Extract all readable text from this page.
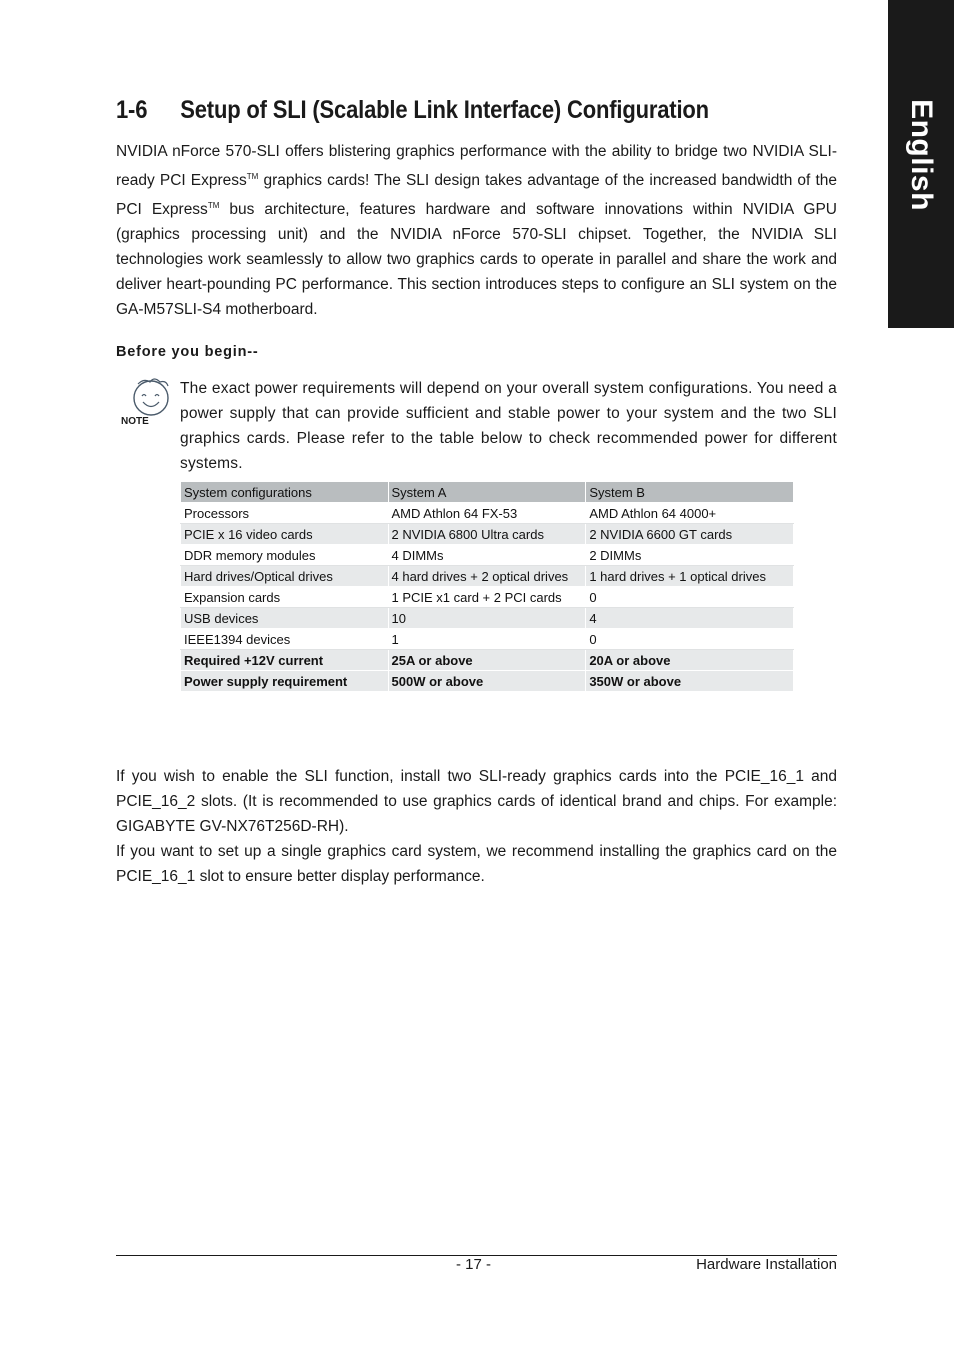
English
1-6 Setup of SLI (Scalable Link Interface) Configuration

NVIDIA nForce 570-SLI offers blistering graphics performance with the ability to bridge two NVIDIA SLI-ready PCI Express™ graphics cards! The SLI design takes advantage of the increased bandwidth of the PCI Express™ bus architecture, features hardware and software innovations within NVIDIA GPU (graphics processing unit) and the NVIDIA nForce 570-SLI chipset. Together, the NVIDIA SLI technologies work seamlessly to allow two graphics cards to operate in parallel and share the work and deliver heart-pounding PC performance. This section introduces steps to configure an SLI system on the GA-M57SLI-S4 motherboard.

Before you begin--

NOTE

The exact power requirements will depend on your overall system configurations. You need a power supply that can provide sufficient and stable power to your system and the two SLI graphics cards. Please refer to the table below to check recommended power for different systems.

System configurations	System A	System B
Processors	AMD Athlon 64 FX-53	AMD Athlon 64 4000+
PCIE x 16 video cards	2 NVIDIA 6800 Ultra cards	2 NVIDIA 6600 GT cards
DDR memory modules	4 DIMMs	2 DIMMs
Hard drives/Optical drives	4 hard drives + 2 optical drives	1 hard drives + 1 optical drives
Expansion cards	1 PCIE x1 card + 2 PCI cards	0
USB devices	10	4
IEEE1394 devices	1	0
Required +12V current	25A or above	20A or above
Power supply requirement	500W or above	350W or above

If you wish to enable the SLI function, install two SLI-ready graphics cards into the PCIE_16_1 and PCIE_16_2 slots. (It is recommended to use graphics cards of identical brand and chips. For example: GIGABYTE GV-NX76T256D-RH).

If you want to set up a single graphics card system, we recommend installing the graphics card on the PCIE_16_1 slot to ensure better display performance.

- 17 -	Hardware Installation
